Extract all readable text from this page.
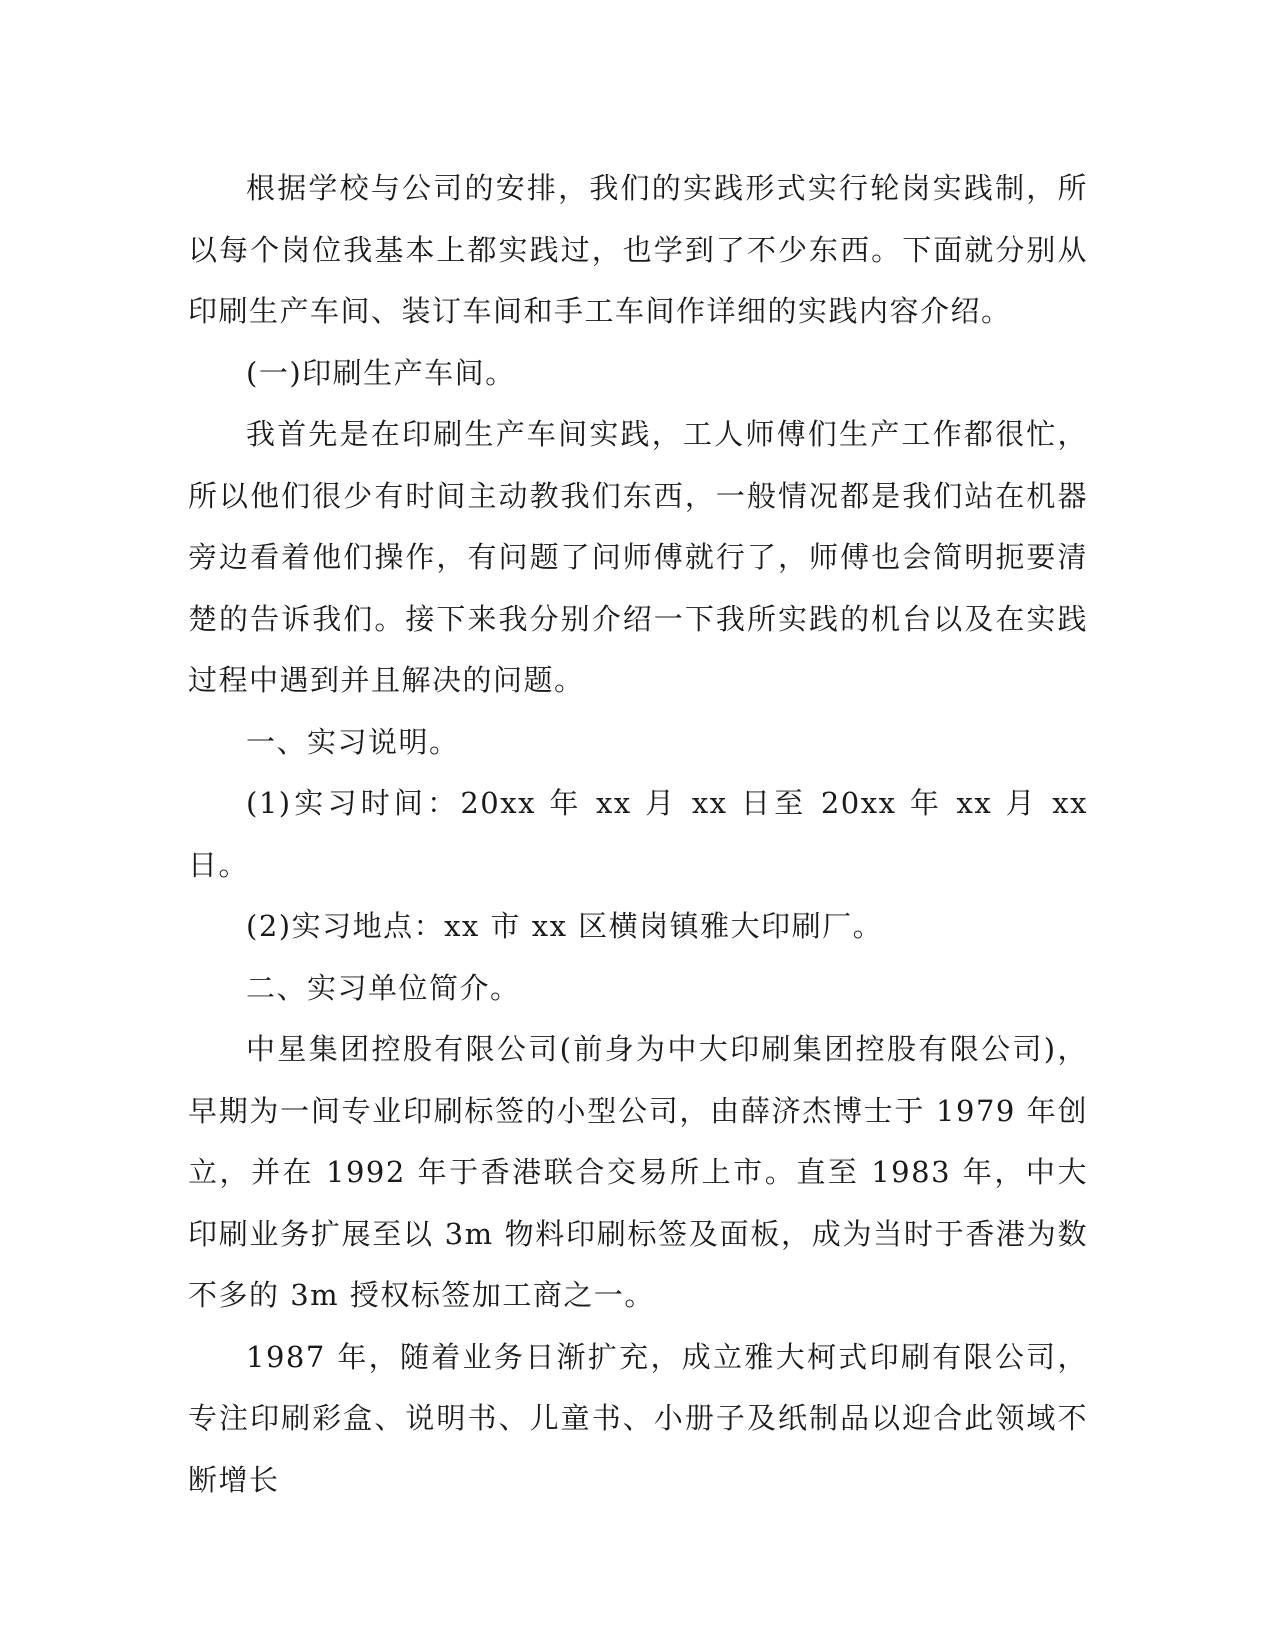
根据学校与公司的安排，我们的实践形式实行轮岗实践制，所以每个岗位我基本上都实践过，也学到了不少东西。下面就分别从印刷生产车间、装订车间和手工车间作详细的实践内容介绍。

(一)印刷生产车间。

我首先是在印刷生产车间实践，工人师傅们生产工作都很忙，所以他们很少有时间主动教我们东西，一般情况都是我们站在机器旁边看着他们操作，有问题了问师傅就行了，师傅也会简明扼要清楚的告诉我们。接下来我分别介绍一下我所实践的机台以及在实践过程中遇到并且解决的问题。

一、实习说明。

(1)实习时间：20xx 年 xx 月 xx 日至 20xx 年 xx 月 xx 日。

(2)实习地点：xx 市 xx 区横岗镇雅大印刷厂。

二、实习单位简介。

中星集团控股有限公司(前身为中大印刷集团控股有限公司)，早期为一间专业印刷标签的小型公司，由薛济杰博士于 1979 年创立，并在 1992 年于香港联合交易所上市。直至 1983 年，中大印刷业务扩展至以 3m 物料印刷标签及面板，成为当时于香港为数不多的 3m 授权标签加工商之一。

1987 年，随着业务日渐扩充，成立雅大柯式印刷有限公司，专注印刷彩盒、说明书、儿童书、小册子及纸制品以迎合此领域不断增长
